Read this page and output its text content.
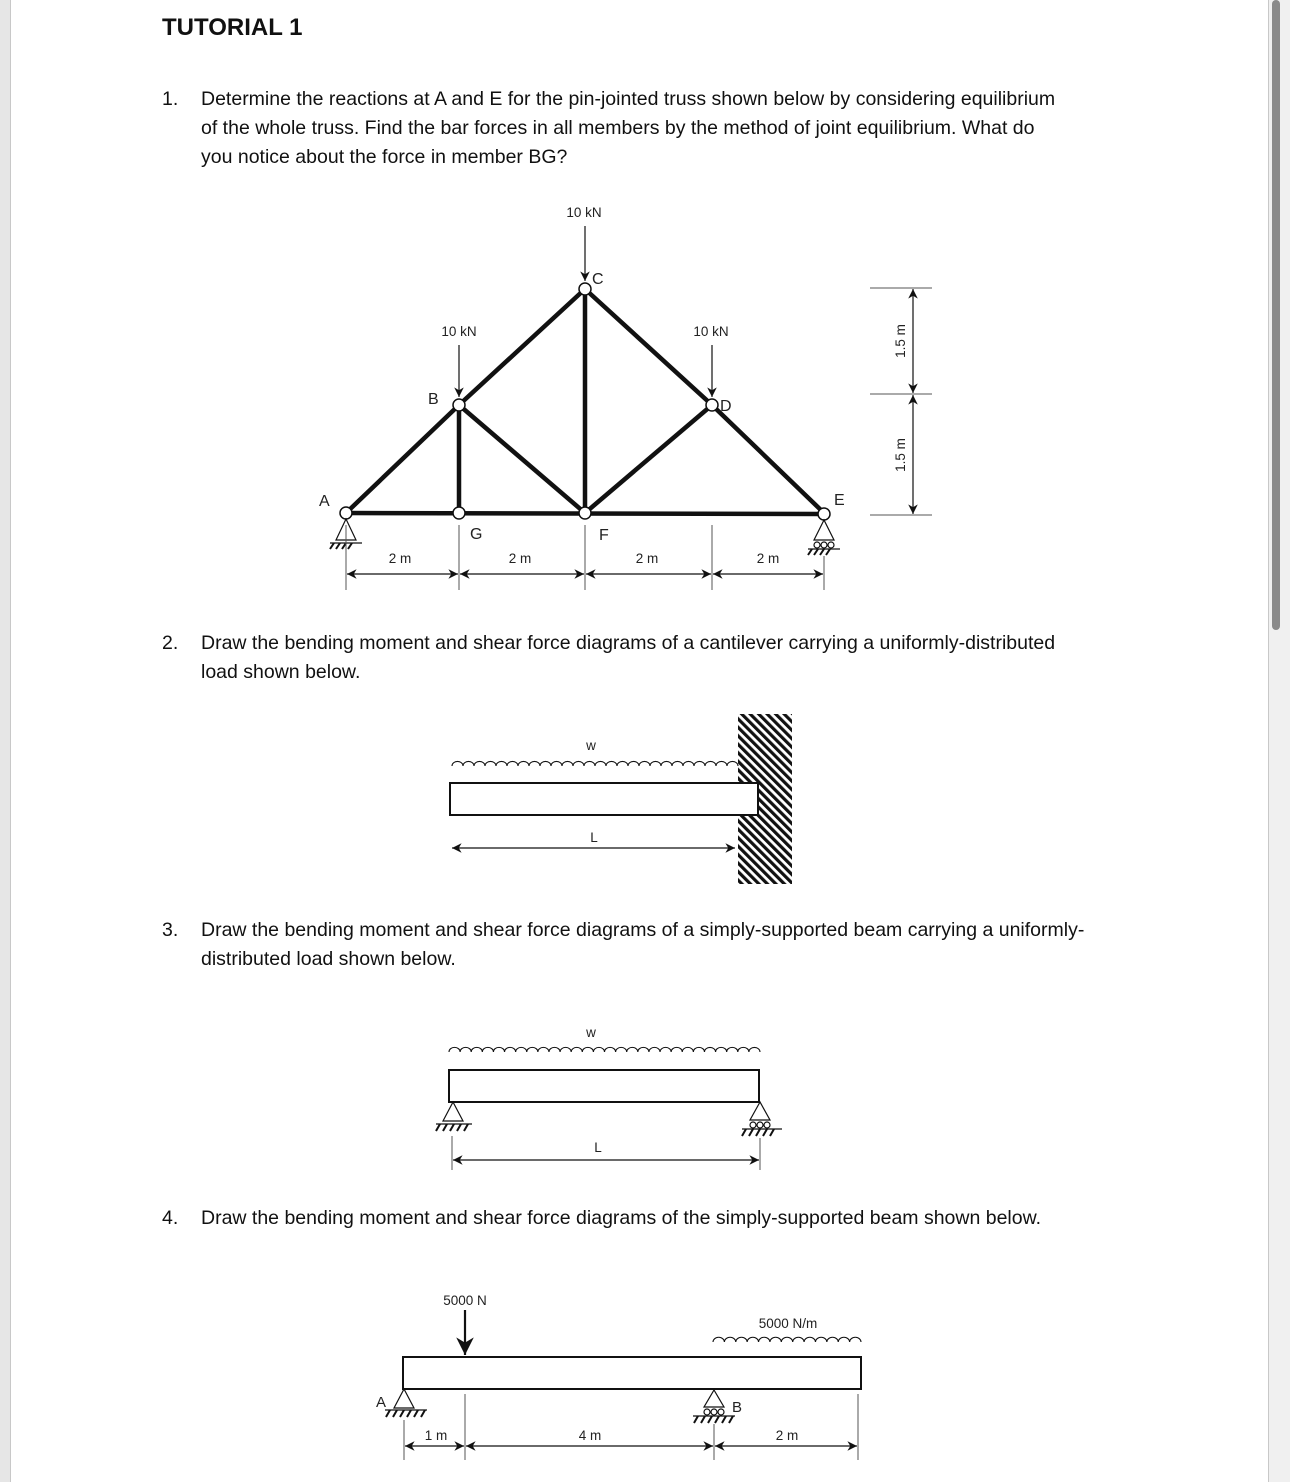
TUTORIAL 1
1. Determine the reactions at A and E for the pin-jointed truss shown below by considering equilibrium of the whole truss. Find the bar forces in all members by the method of joint equilibrium. What do you notice about the force in member BG?
2. Draw the bending moment and shear force diagrams of a cantilever carrying a uniformly-distributed load shown below.
3. Draw the bending moment and shear force diagrams of a simply-supported beam carrying a uniformly-distributed load shown below.
4. Draw the bending moment and shear force diagrams of the simply-supported beam shown below.
10 kN
10 kN	10 kN
A
B
C
D
E
G	F
2 m	2 m	2 m	2 m
1.5 m
1.5 m
w
L
w
L
5000 N
5000 N/m
A	B
1 m	4 m	2 m
